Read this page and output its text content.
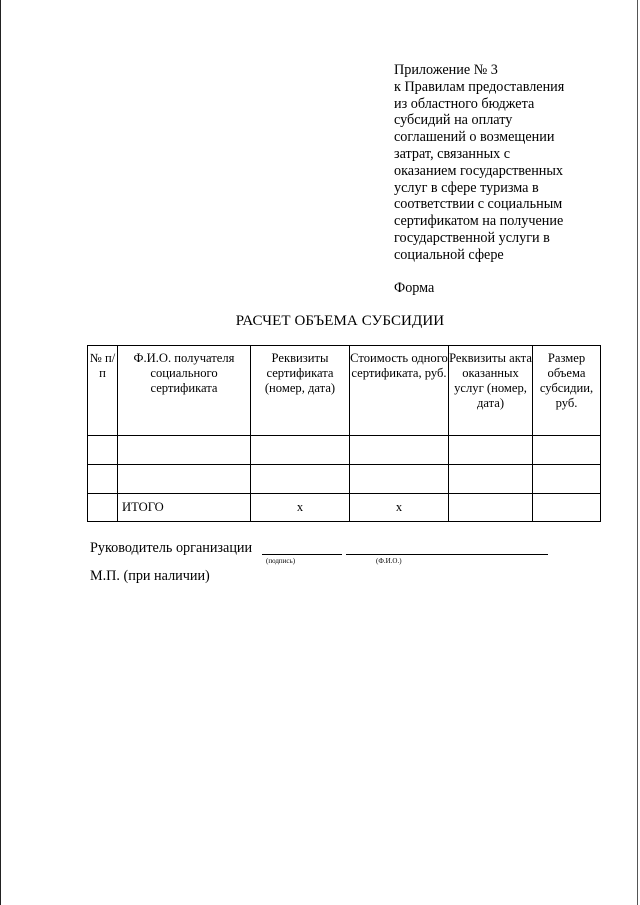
Приложение № 3
к Правилам предоставления
из областного бюджета
субсидий на оплату
соглашений о возмещении
затрат, связанных с
оказанием государственных
услуг в сфере туризма в
соответствии с социальным
сертификатом на получение
государственной услуги в
социальной сфере
Форма
РАСЧЕТ ОБЪЕМА СУБСИДИИ
№ п/п	Ф.И.О. получателя социального сертификата	Реквизиты сертификата (номер, дата)	Стоимость одного сертификата, руб.	Реквизиты акта оказанных услуг (номер, дата)	Размер объема субсидии, руб.

	ИТОГО	х	х		
Руководитель организации
(подпись)	(Ф.И.О.)
М.П. (при наличии)
